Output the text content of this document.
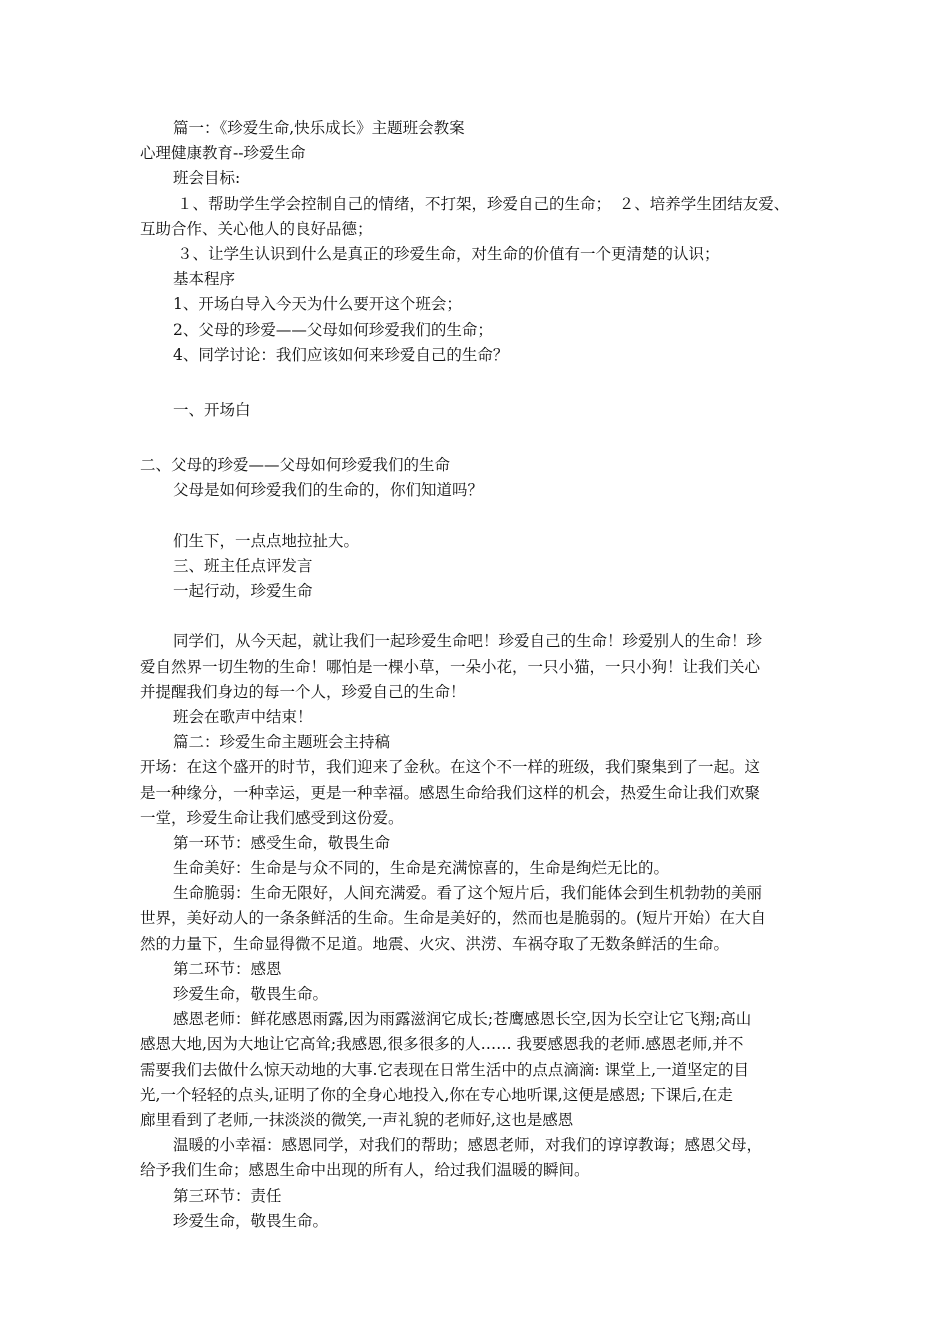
篇一：《珍爱生命,快乐成长》主题班会教案
心理健康教育--珍爱生命
班会目标:
１、帮助学生学会控制自己的情绪，不打架，珍爱自己的生命；　２、培养学生团结友爱、
互助合作、关心他人的良好品德；
３、让学生认识到什么是真正的珍爱生命，对生命的价值有一个更清楚的认识；
基本程序
1、开场白导入今天为什么要开这个班会；
2、父母的珍爱——父母如何珍爱我们的生命；
4、同学讨论：我们应该如何来珍爱自己的生命？
一、开场白
二、父母的珍爱——父母如何珍爱我们的生命
父母是如何珍爱我们的生命的，你们知道吗？
们生下，一点点地拉扯大。
三、班主任点评发言
一起行动，珍爱生命
同学们，从今天起，就让我们一起珍爱生命吧！珍爱自己的生命！珍爱别人的生命！珍
爱自然界一切生物的生命！哪怕是一棵小草，一朵小花，一只小猫，一只小狗！让我们关心
并提醒我们身边的每一个人，珍爱自己的生命！
班会在歌声中结束！
篇二：珍爱生命主题班会主持稿
开场：在这个盛开的时节，我们迎来了金秋。在这个不一样的班级，我们聚集到了一起。这
是一种缘分，一种幸运，更是一种幸福。感恩生命给我们这样的机会，热爱生命让我们欢聚
一堂，珍爱生命让我们感受到这份爱。
第一环节：感受生命，敬畏生命
生命美好：生命是与众不同的，生命是充满惊喜的，生命是绚烂无比的。
生命脆弱：生命无限好，人间充满爱。看了这个短片后，我们能体会到生机勃勃的美丽
世界，美好动人的一条条鲜活的生命。生命是美好的，然而也是脆弱的。(短片开始）在大自
然的力量下，生命显得微不足道。地震、火灾、洪涝、车祸夺取了无数条鲜活的生命。
第二环节：感恩
珍爱生命，敬畏生命。
感恩老师：鲜花感恩雨露,因为雨露滋润它成长;苍鹰感恩长空,因为长空让它飞翔;高山
感恩大地,因为大地让它高耸;我感恩,很多很多的人…… 我要感恩我的老师.感恩老师,并不
需要我们去做什么惊天动地的大事.它表现在日常生活中的点点滴滴: 课堂上,一道坚定的目
光,一个轻轻的点头,证明了你的全身心地投入,你在专心地听课,这便是感恩; 下课后,在走
廊里看到了老师,一抹淡淡的微笑,一声礼貌的老师好,这也是感恩
温暖的小幸福：感恩同学，对我们的帮助；感恩老师，对我们的谆谆教诲；感恩父母，
给予我们生命；感恩生命中出现的所有人，给过我们温暖的瞬间。
第三环节：责任
珍爱生命，敬畏生命。
